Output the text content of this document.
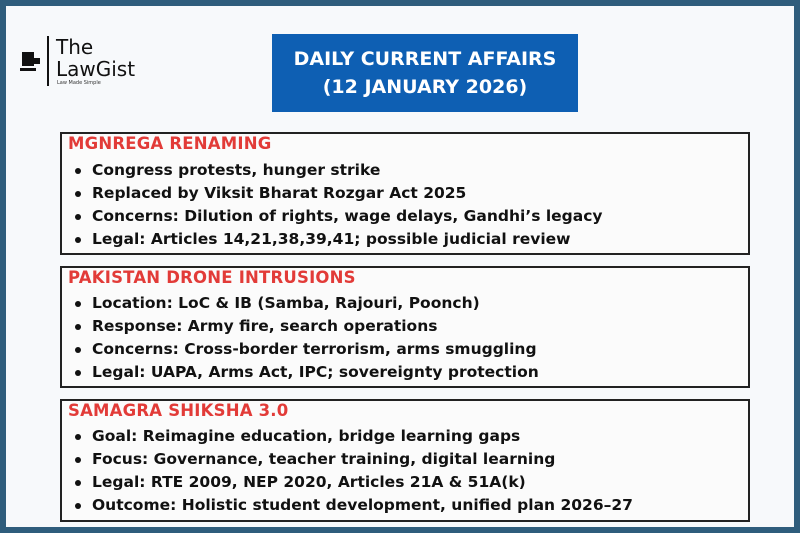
The
LawGist
Law Made Simple
DAILY CURRENT AFFAIRS
(12 JANUARY 2026)
MGNREGA RENAMING
Congress protests, hunger strike
Replaced by Viksit Bharat Rozgar Act 2025
Concerns: Dilution of rights, wage delays, Gandhi’s legacy
Legal: Articles 14,21,38,39,41; possible judicial review
PAKISTAN DRONE INTRUSIONS
Location: LoC & IB (Samba, Rajouri, Poonch)
Response: Army fire, search operations
Concerns: Cross-border terrorism, arms smuggling
Legal: UAPA, Arms Act, IPC; sovereignty protection
SAMAGRA SHIKSHA 3.0
Goal: Reimagine education, bridge learning gaps
Focus: Governance, teacher training, digital learning
Legal: RTE 2009, NEP 2020, Articles 21A & 51A(k)
Outcome: Holistic student development, unified plan 2026–27
